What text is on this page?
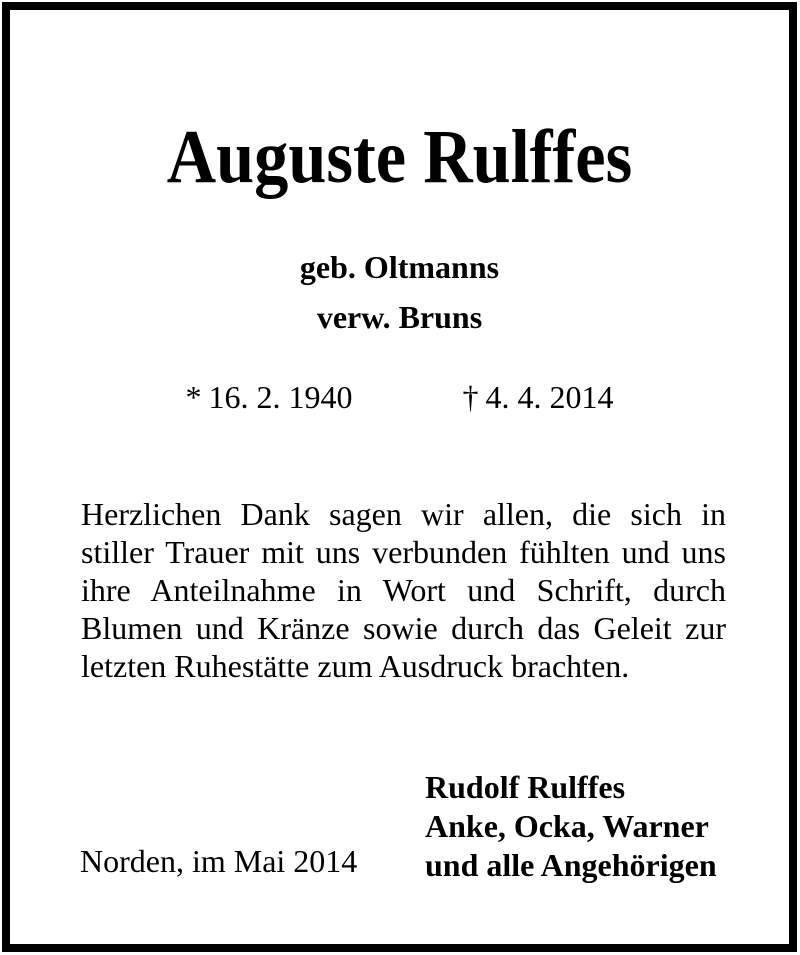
Auguste Rulffes
geb. Oltmanns
verw. Bruns
* 16. 2. 1940	† 4. 4. 2014
Herzlichen Dank sagen wir allen, die sich in
stiller Trauer mit uns verbunden fühlten und uns
ihre Anteilnahme in Wort und Schrift, durch
Blumen und Kränze sowie durch das Geleit zur
letzten Ruhestätte zum Ausdruck brachten.
Rudolf Rulffes
Anke, Ocka, Warner
und alle Angehörigen
Norden, im Mai 2014
